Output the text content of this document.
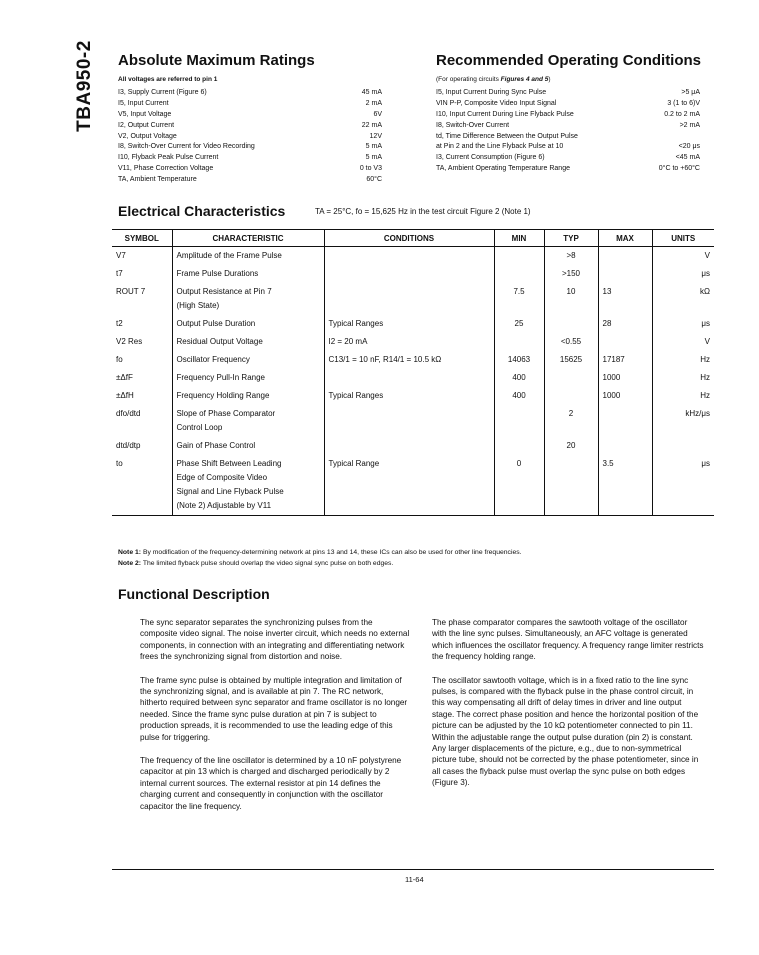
TBA950-2 Absolute Maximum Ratings
All voltages are referred to pin 1
I3, Supply Current (Figure 6)	45 mA
I5, Input Current	2 mA
V5, Input Voltage	6V
I2, Output Current	22 mA
V2, Output Voltage	12V
I8, Switch-Over Current for Video Recording	5 mA
I10, Flyback Peak Pulse Current	5 mA
V11, Phase Correction Voltage	0 to V3
TA, Ambient Temperature	60°C
Recommended Operating Conditions
(For operating circuits Figures 4 and 5)
I5, Input Current During Sync Pulse	>5 μA
VIN P-P, Composite Video Input Signal	3 (1 to 6)V
I10, Input Current During Line Flyback Pulse	0.2 to 2 mA
I8, Switch-Over Current	>2 mA
td, Time Difference Between the Output Pulse
at Pin 2 and the Line Flyback Pulse at 10	<20 μs
I3, Current Consumption (Figure 6)	<45 mA
TA, Ambient Operating Temperature Range	0°C to +60°C
Electrical Characteristics	TA = 25°C, fo = 15,625 Hz in the test circuit Figure 2 (Note 1)
SYMBOL	CHARACTERISTIC	CONDITIONS	MIN	TYP	MAX	UNITS
V7	Amplitude of the Frame Pulse			>8		V
t7	Frame Pulse Durations			>150		μs
ROUT 7	Output Resistance at Pin 7
(High State)		7.5	10	13	kΩ
t2	Output Pulse Duration	Typical Ranges	25		28	μs
V2 Res	Residual Output Voltage	I2 = 20 mA		<0.55		V
fo	Oscillator Frequency	C13/1 = 10 nF, R14/1 = 10.5 kΩ	14063	15625	17187	Hz
±ΔfF	Frequency Pull-In Range		400		1000	Hz
±ΔfH	Frequency Holding Range	Typical Ranges	400		1000	Hz
dfo/dtd	Slope of Phase Comparator
Control Loop			2		kHz/μs
dtd/dtp	Gain of Phase Control			20		
to	Phase Shift Between Leading
Edge of Composite Video
Signal and Line Flyback Pulse
(Note 2) Adjustable by V11	Typical Range	0		3.5	μs
Note 1: By modification of the frequency-determining network at pins 13 and 14, these ICs can also be used for other line frequencies.
Note 2: The limited flyback pulse should overlap the video signal sync pulse on both edges.
Functional Description

The sync separator separates the synchronizing pulses from the composite video signal. The noise inverter circuit, which needs no external components, in connection with an integrating and differentiating network frees the synchronizing signal from distortion and noise.

The frame sync pulse is obtained by multiple integration and limitation of the synchronizing signal, and is available at pin 7. The RC network, hitherto required between sync separator and frame oscillator is no longer needed. Since the frame sync pulse duration at pin 7 is subject to production spreads, it is recommended to use the leading edge of this pulse for triggering.

The frequency of the line oscillator is determined by a 10 nF polystyrene capacitor at pin 13 which is charged and discharged periodically by 2 internal current sources. The external resistor at pin 14 defines the charging current and consequently in conjunction with the oscillator capacitor the line frequency.

The phase comparator compares the sawtooth voltage of the oscillator with the line sync pulses. Simultaneously, an AFC voltage is generated which influences the oscillator frequency. A frequency range limiter restricts the frequency holding range.

The oscillator sawtooth voltage, which is in a fixed ratio to the line sync pulses, is compared with the flyback pulse in the phase control circuit, in this way compensating all drift of delay times in driver and line output stage. The correct phase position and hence the horizontal position of the picture can be adjusted by the 10 kΩ potentiometer connected to pin 11. Within the adjustable range the output pulse duration (pin 2) is constant. Any larger displacements of the picture, e.g., due to non-symmetrical picture tube, should not be corrected by the phase potentiometer, since in all cases the flyback pulse must overlap the sync pulse on both edges (Figure 3).

11-64
